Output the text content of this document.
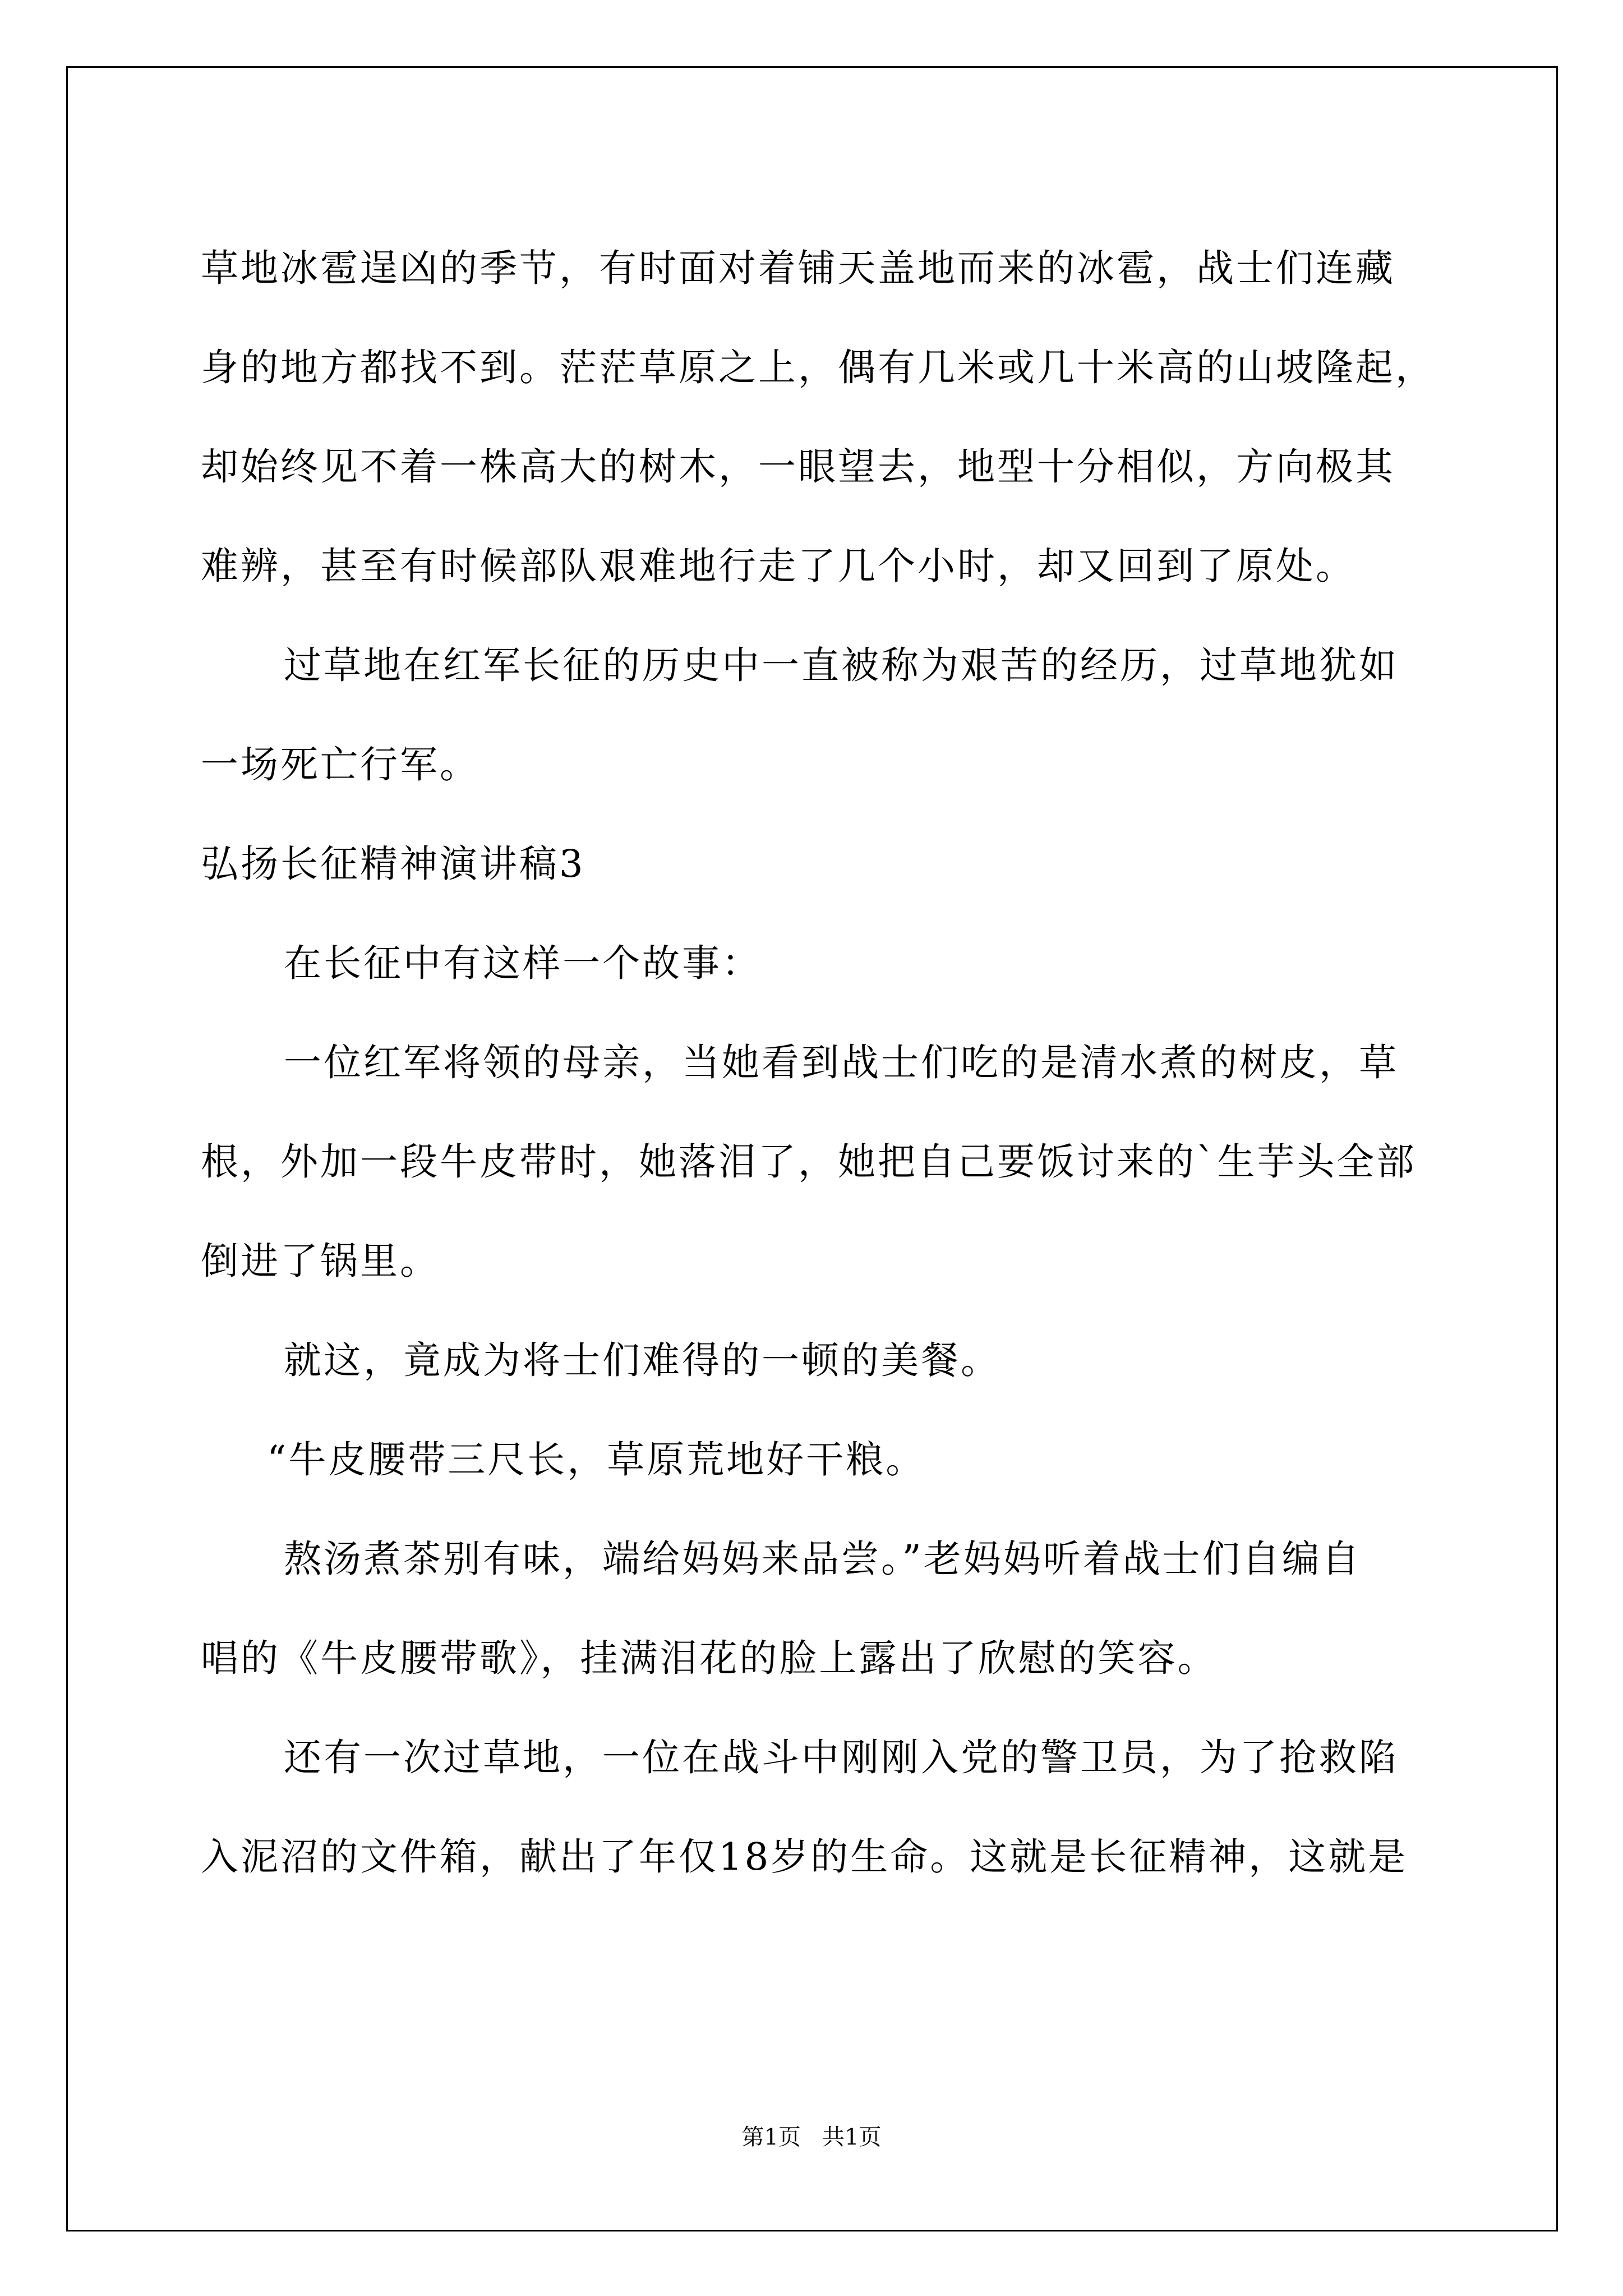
草地冰雹逞凶的季节，有时面对着铺天盖地而来的冰雹，战士们连藏
身的地方都找不到。茫茫草原之上，偶有几米或几十米高的山坡隆起，
却始终见不着一株高大的树木，一眼望去，地型十分相似，方向极其
难辨，甚至有时候部队艰难地行走了几个小时，却又回到了原处。
过草地在红军长征的历史中一直被称为艰苦的经历，过草地犹如
一场死亡行军。
弘扬长征精神演讲稿3
在长征中有这样一个故事：
一位红军将领的母亲，当她看到战士们吃的是清水煮的树皮，草
根，外加一段牛皮带时，她落泪了，她把自己要饭讨来的`生芋头全部
倒进了锅里。
就这，竟成为将士们难得的一顿的美餐。
“牛皮腰带三尺长，草原荒地好干粮。
熬汤煮茶别有味，端给妈妈来品尝。”老妈妈听着战士们自编自
唱的《牛皮腰带歌》，挂满泪花的脸上露出了欣慰的笑容。
还有一次过草地，一位在战斗中刚刚入党的警卫员，为了抢救陷
入泥沼的文件箱，献出了年仅18岁的生命。这就是长征精神，这就是
第1页   共1页
